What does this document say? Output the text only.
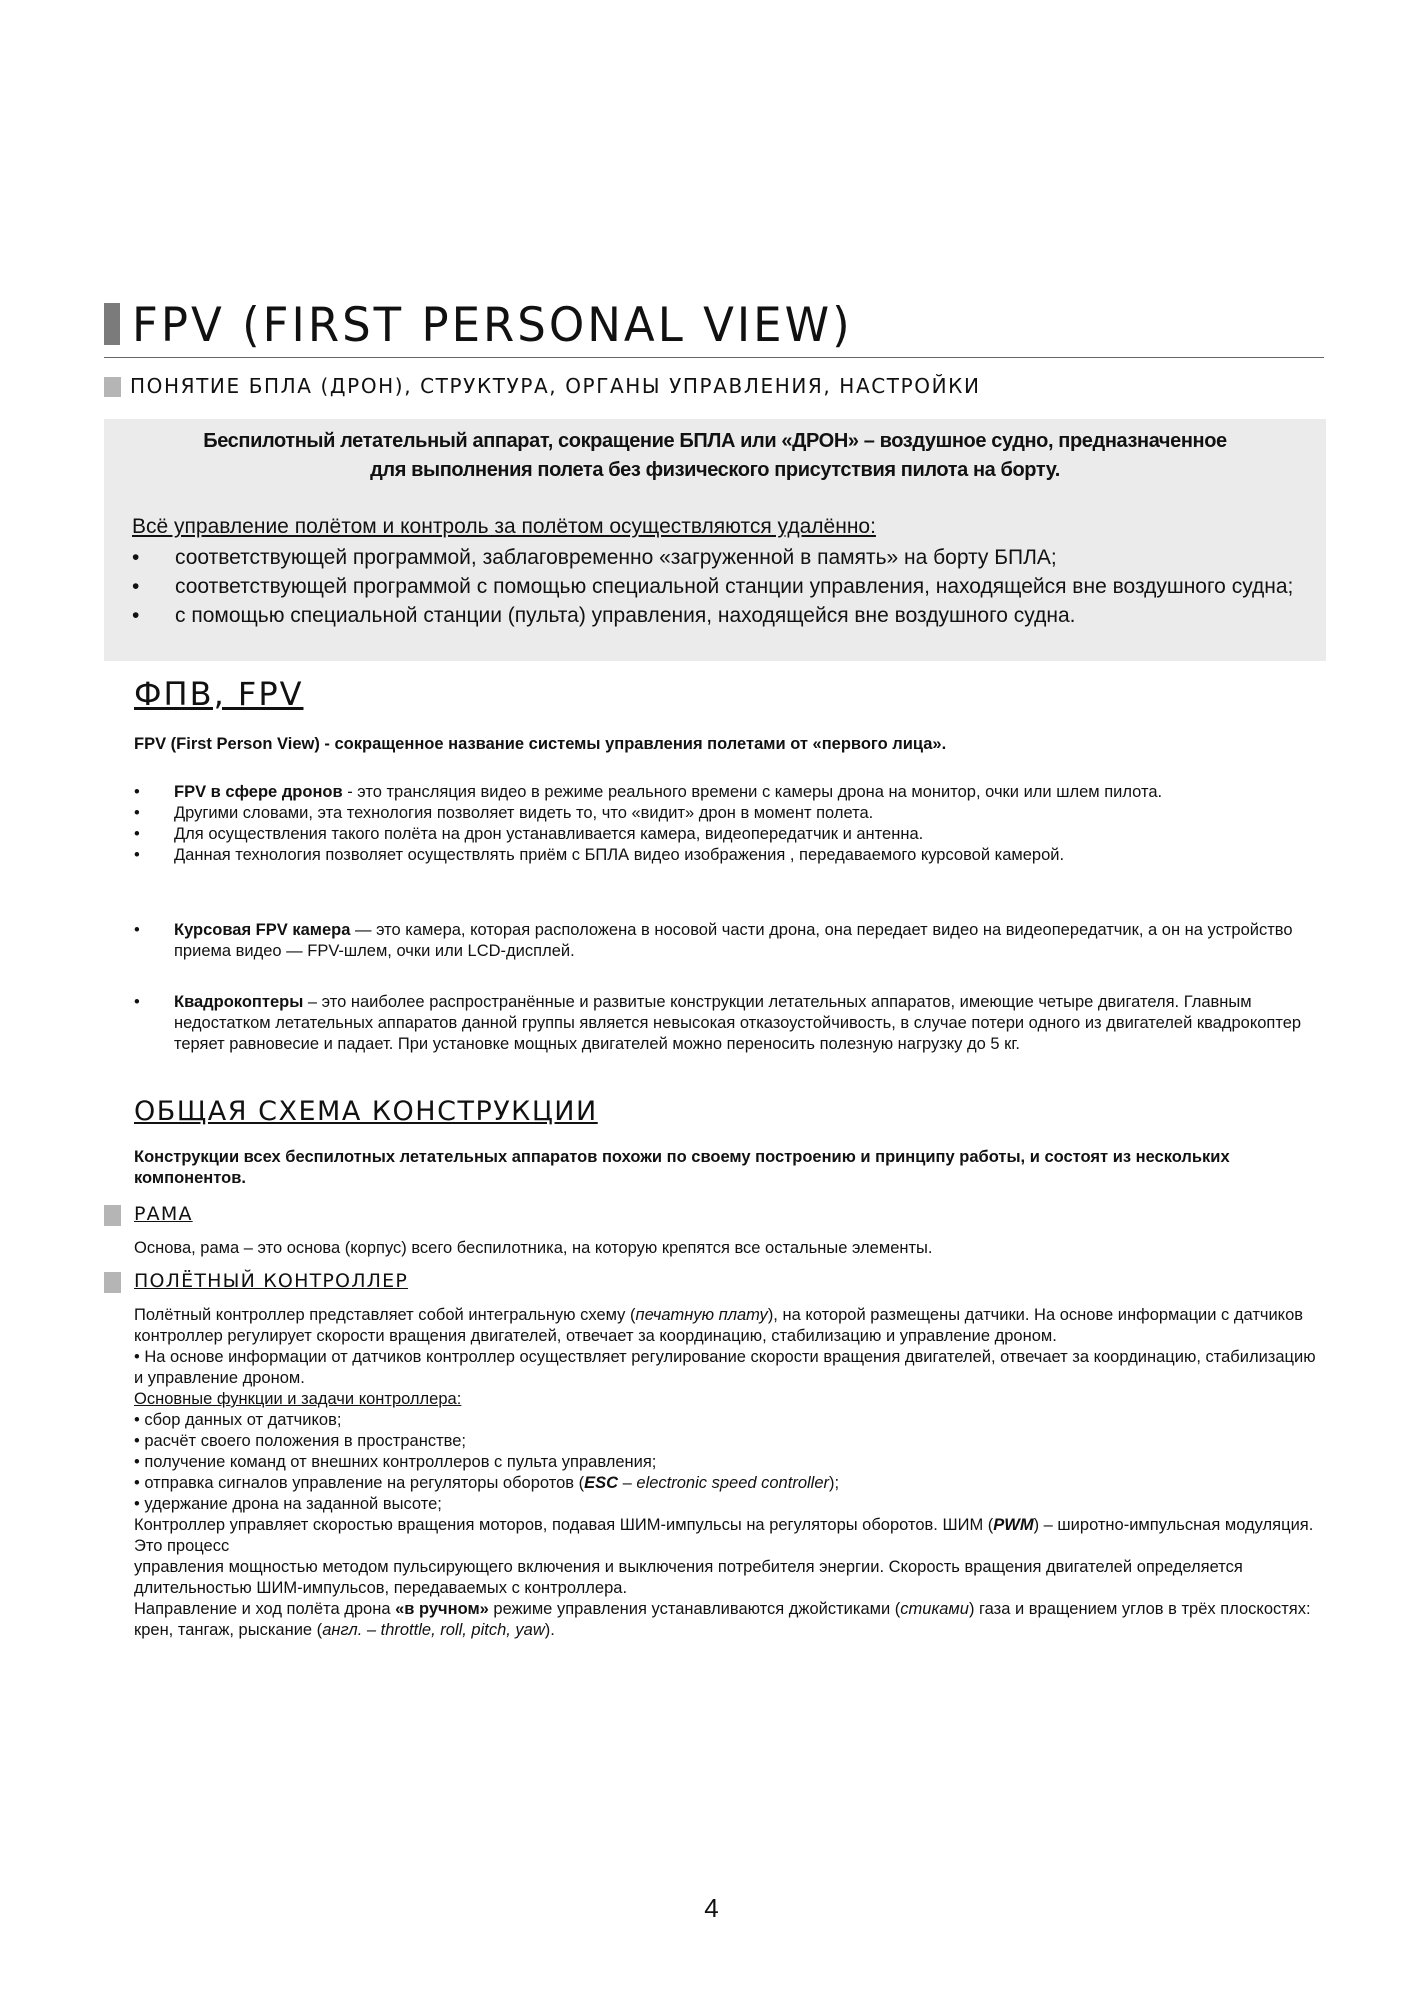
FPV (FIRST PERSONAL VIEW)
ПОНЯТИЕ БПЛА (ДРОН), СТРУКТУРА, ОРГАНЫ УПРАВЛЕНИЯ, НАСТРОЙКИ
Беспилотный летательный аппарат, сокращение БПЛА или «ДРОН» – воздушное судно, предназначенное
для выполнения полета без физического присутствия пилота на борту.
Всё управление полётом и контроль за полётом осуществляются удалённо:
• соответствующей программой, заблаговременно «загруженной в память» на борту БПЛА;
• соответствующей программой с помощью специальной станции управления, находящейся вне воздушного судна;
• с помощью специальной станции (пульта) управления, находящейся вне воздушного судна.
ФПВ, FPV
FPV (First Person View) - сокращенное название системы управления полетами от «первого лица».
• FPV в сфере дронов - это трансляция видео в режиме реального времени с камеры дрона на монитор, очки или шлем пилота.
• Другими словами, эта технология позволяет видеть то, что «видит» дрон в момент полета.
• Для осуществления такого полёта на дрон устанавливается камера, видеопередатчик и антенна.
• Данная технология позволяет осуществлять приём с БПЛА видео изображения , передаваемого курсовой камерой.
• Курсовая FPV камера — это камера, которая расположена в носовой части дрона, она передает видео на видеопередатчик, а он на устройство приема видео — FPV-шлем, очки или LCD-дисплей.
• Квадрокоптеры – это наиболее распространённые и развитые конструкции летательных аппаратов, имеющие четыре двигателя. Главным недостатком летательных аппаратов данной группы является невысокая отказоустойчивость, в случае потери одного из двигателей квадрокоптер теряет равновесие и падает. При установке мощных двигателей можно переносить полезную нагрузку до 5 кг.
ОБЩАЯ СХЕМА КОНСТРУКЦИИ
Конструкции всех беспилотных летательных аппаратов похожи по своему построению и принципу работы, и состоят из нескольких компонентов.
РАМА
Основа, рама – это основа (корпус) всего беспилотника, на которую крепятся все остальные элементы.
ПОЛЁТНЫЙ КОНТРОЛЛЕР
Полётный контроллер представляет собой интегральную схему (печатную плату), на которой размещены датчики. На основе информации с датчиков контроллер регулирует скорости вращения двигателей, отвечает за координацию, стабилизацию и управление дроном.
• На основе информации от датчиков контроллер осуществляет регулирование скорости вращения двигателей, отвечает за координацию, стабилизацию и управление дроном.
Основные функции и задачи контроллера:
• сбор данных от датчиков;
• расчёт своего положения в пространстве;
• получение команд от внешних контроллеров с пульта управления;
• отправка сигналов управление на регуляторы оборотов (ESC – electronic speed controller);
• удержание дрона на заданной высоте;
Контроллер управляет скоростью вращения моторов, подавая ШИМ-импульсы на регуляторы оборотов. ШИМ (PWM) – широтно-импульсная модуляция. Это процесс
управления мощностью методом пульсирующего включения и выключения потребителя энергии. Скорость вращения двигателей определяется длительностью ШИМ-импульсов, передаваемых с контроллера.
Направление и ход полёта дрона «в ручном» режиме управления устанавливаются джойстиками (стиками) газа и вращением углов в трёх плоскостях: крен, тангаж, рыскание (англ. – throttle, roll, pitch, yaw).
4
